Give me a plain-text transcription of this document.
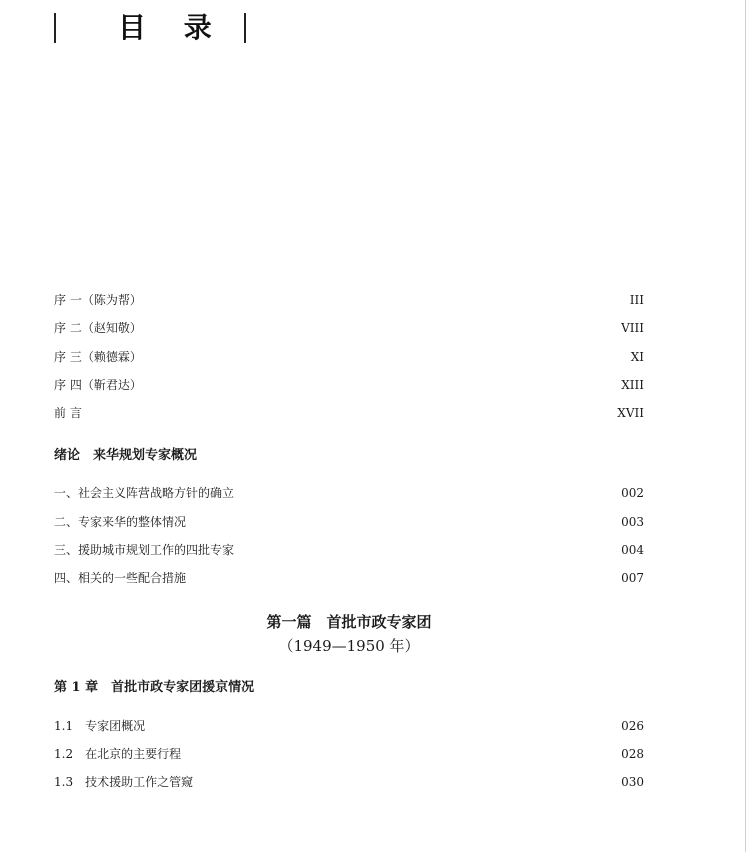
目 录
序 一（陈为帮）	III
序 二（赵知敬）	VIII
序 三（赖德霖）	XI
序 四（靳君达）	XIII
前 言	XVII
绪论　来华规划专家概况
一、社会主义阵营战略方针的确立	002
二、专家来华的整体情况	003
三、援助城市规划工作的四批专家	004
四、相关的一些配合措施	007
第一篇　首批市政专家团
（1949—1950 年）
第 1 章　首批市政专家团援京情况
1.1　专家团概况	026
1.2　在北京的主要行程	028
1.3　技术援助工作之管窥	030
